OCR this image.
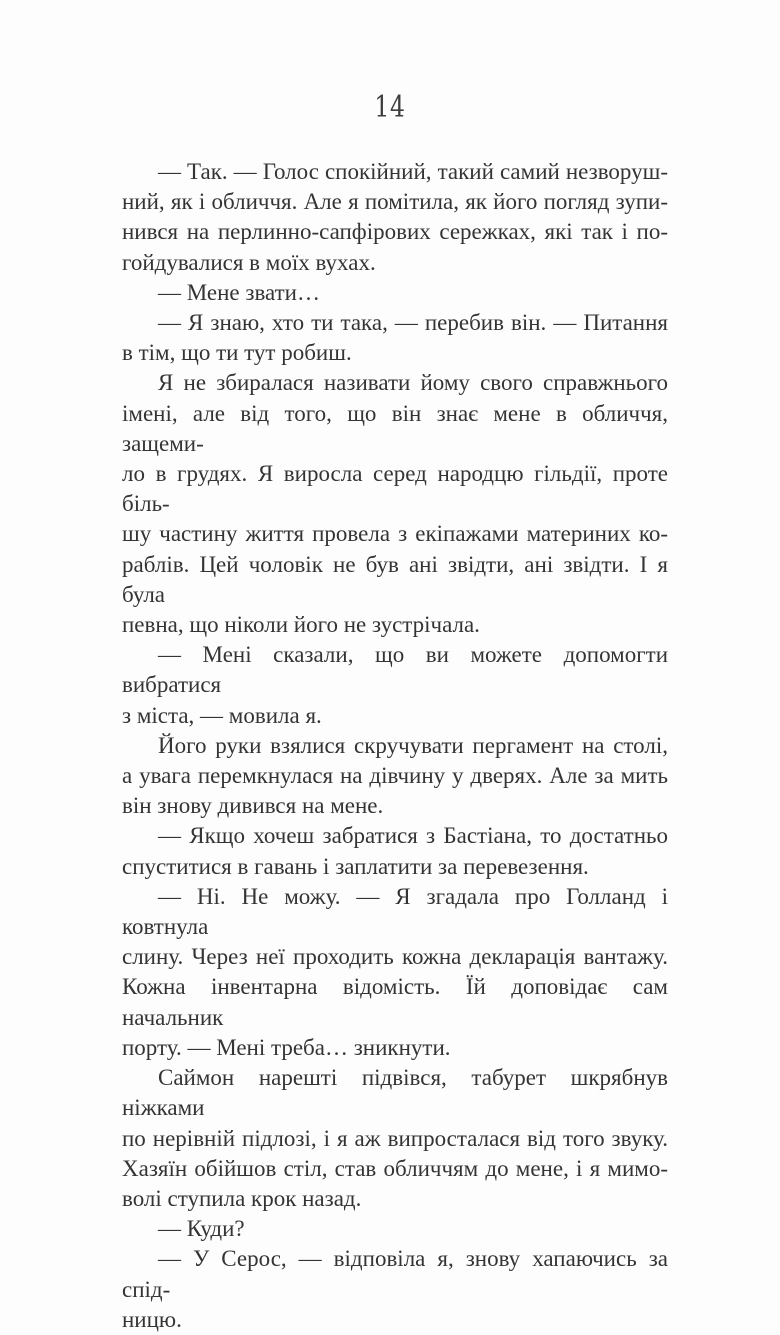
14
— Так. — Голос спокійний, такий самий незворуш-
ний, як і обличчя. Але я помітила, як його погляд зупи-
нився на перлинно-сапфірових сережках, які так і по-
гойдувалися в моїх вухах.
— Мене звати…
— Я знаю, хто ти така, — перебив він. — Питання
в тім, що ти тут робиш.
Я не збиралася називати йому свого справжнього
імені, але від того, що він знає мене в обличчя, защеми-
ло в грудях. Я виросла серед народцю гільдії, проте біль-
шу частину життя провела з екіпажами материних ко-
раблів. Цей чоловік не був ані звідти, ані звідти. І я була
певна, що ніколи його не зустрічала.
— Мені сказали, що ви можете допомогти вибратися
з міста, — мовила я.
Його руки взялися скручувати пергамент на столі,
а увага перемкнулася на дівчину у дверях. Але за мить
він знову дивився на мене.
— Якщо хочеш забратися з Бастіана, то достатньо
спуститися в гавань і заплатити за перевезення.
— Ні. Не можу. — Я згадала про Голланд і ковтнула
слину. Через неї проходить кожна декларація вантажу.
Кожна інвентарна відомість. Їй доповідає сам начальник
порту. — Мені треба… зникнути.
Саймон нарешті підвівся, табурет шкрябнув ніжками
по нерівній підлозі, і я аж випросталася від того звуку.
Хазяїн обійшов стіл, став обличчям до мене, і я мимо-
волі ступила крок назад.
— Куди?
— У Серос, — відповіла я, знову хапаючись за спід-
ницю.
